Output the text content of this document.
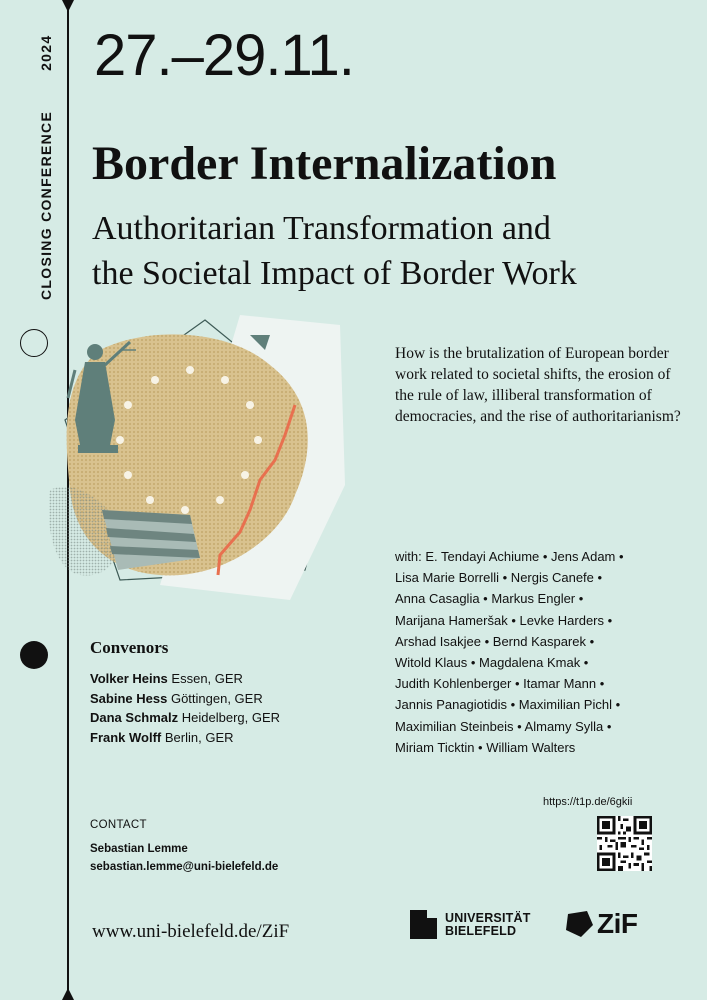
CLOSING CONFERENCE2024 27.–29.11.
Border Internalization
Authoritarian Transformation and
the Societal Impact of Border Work
How is the brutalization of European border work related to societal shifts, the erosion of the rule of law, illiberal transformation of democracies, and the rise of authoritarianism?
with: E. Tendayi Achiume • Jens Adam •
Lisa Marie Borrelli • Nergis Canefe •
Anna Casaglia • Markus Engler •
Marijana Hameršak • Levke Harders •
Arshad Isakjee • Bernd Kasparek •
Witold Klaus • Magdalena Kmak •
Judith Kohlenberger • Itamar Mann •
Jannis Panagiotidis • Maximilian Pichl •
Maximilian Steinbeis • Almamy Sylla •
Miriam Ticktin • William Walters
Convenors
Volker Heins Essen, GER
Sabine Hess Göttingen, GER
Dana Schmalz Heidelberg, GER
Frank Wolff Berlin, GER
https://t1p.de/6gkii
CONTACT
Sebastian Lemme
sebastian.lemme@uni-bielefeld.de
www.uni-bielefeld.de/ZiF
UNIVERSITÄT
BIELEFELD	ZiF
